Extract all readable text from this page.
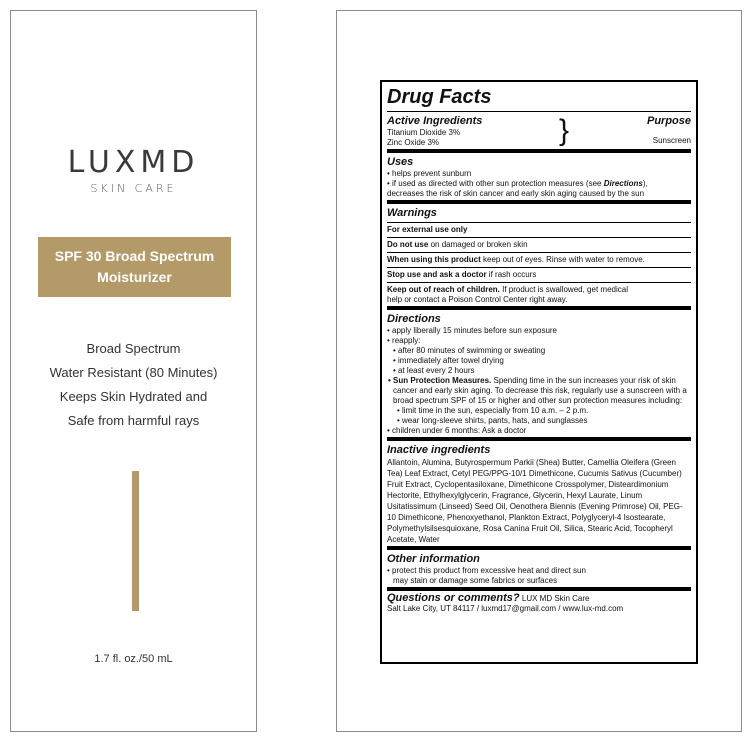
LUXMD
SKIN CARE
SPF 30 Broad Spectrum
Moisturizer
Broad Spectrum
Water Resistant (80 Minutes)
Keeps Skin Hydrated and
Safe from harmful rays
1.7 fl. oz./50 mL
Drug Facts
Active Ingredients

Titanium Dioxide 3%

Zinc Oxide 3%	}	Purpose

Sunscreen

Uses

• helps prevent sunburn

• if used as directed with other sun protection measures (see Directions),

decreases the risk of skin cancer and early skin aging caused by the sun

Warnings

For external use only

Do not use on damaged or broken skin

When using this product keep out of eyes. Rinse with water to remove.

Stop use and ask a doctor if rash occurs

Keep out of reach of children. If product is swallowed, get medical

help or contact a Poison Control Center right away.

Directions

• apply liberally 15 minutes before sun exposure

• reapply:

• after 80 minutes of swimming or sweating

• immediately after towel drying

• at least every 2 hours

• Sun Protection Measures. Spending time in the sun increases your risk of skin cancer and early skin aging. To decrease this risk, regularly use a sunscreen with a broad spectrum SPF of 15 or higher and other sun protection measures including:

• limit time in the sun, especially from 10 a.m. – 2 p.m.

• wear long-sleeve shirts, pants, hats, and sunglasses

• children under 6 months: Ask a doctor

Inactive ingredients

Allantoin, Alumina, Butyrospermum Parkii (Shea) Butter, Camellia Oleifera (Green Tea) Leaf Extract, Cetyl PEG/PPG-10/1 Dimethicone, Cucumis Sativus (Cucumber) Fruit Extract, Cyclopentasiloxane, Dimethicone Crosspolymer, Disteardimonium Hectorite, Ethylhexylglycerin, Fragrance, Glycerin, Hexyl Laurate, Linum Usitatissimum (Linseed) Seed Oil, Oenothera Biennis (Evening Primrose) Oil, PEG-10 Dimethicone, Phenoxyethanol, Plankton Extract, Polyglyceryl-4 Isostearate, Polymethylsilsesquioxane, Rosa Canina Fruit Oil, Silica, Stearic Acid, Tocopheryl Acetate, Water

Other information

• protect this product from excessive heat and direct sun

may stain or damage some fabrics or surfaces

Questions or comments? LUX MD Skin Care

Salt Lake City, UT 84117 / luxmd17@gmail.com / www.lux-md.com
